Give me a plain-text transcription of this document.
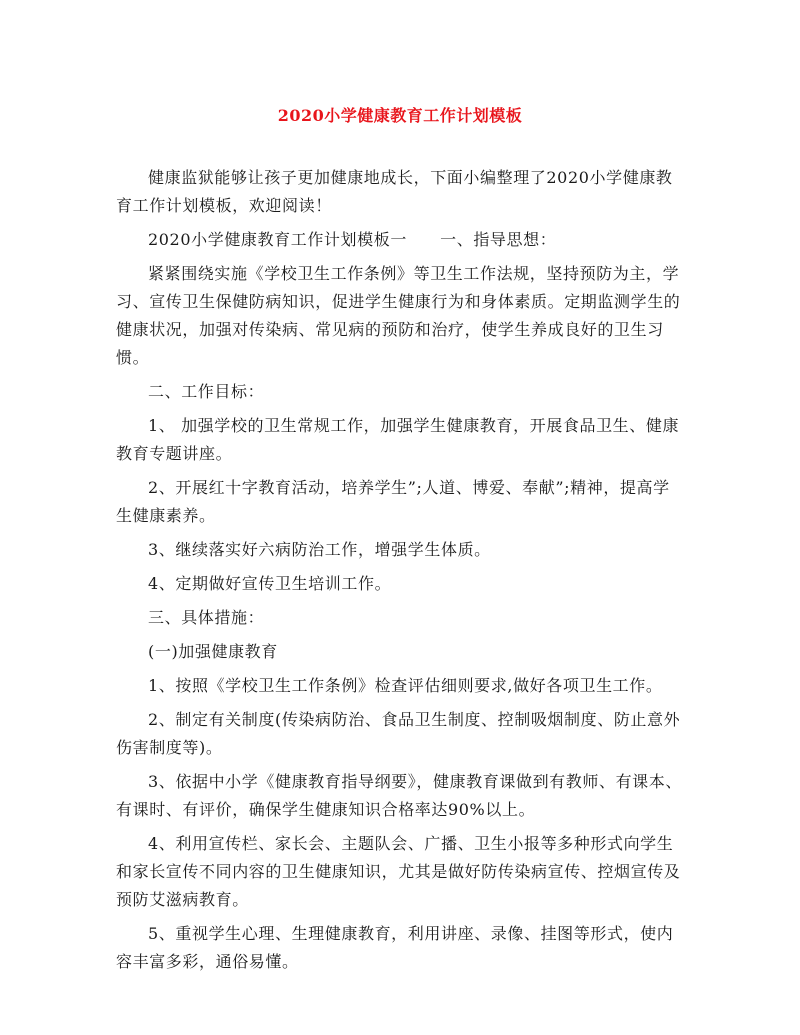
2020小学健康教育工作计划模板

健康监狱能够让孩子更加健康地成长，下面小编整理了2020小学健康教育工作计划模板，欢迎阅读！

2020小学健康教育工作计划模板一　　一、指导思想：

紧紧围绕实施《学校卫生工作条例》等卫生工作法规，坚持预防为主，学习、宣传卫生保健防病知识，促进学生健康行为和身体素质。定期监测学生的健康状况，加强对传染病、常见病的预防和治疗，使学生养成良好的卫生习惯。

二、工作目标：

1、 加强学校的卫生常规工作，加强学生健康教育，开展食品卫生、健康教育专题讲座。

2、开展红十字教育活动，培养学生”;人道、博爱、奉献”;精神，提高学生健康素养。

3、继续落实好六病防治工作，增强学生体质。

4、定期做好宣传卫生培训工作。

三、具体措施：

(一)加强健康教育

1、按照《学校卫生工作条例》检查评估细则要求,做好各项卫生工作。

2、制定有关制度(传染病防治、食品卫生制度、控制吸烟制度、防止意外伤害制度等)。

3、依据中小学《健康教育指导纲要》，健康教育课做到有教师、有课本、有课时、有评价，确保学生健康知识合格率达90%以上。

4、利用宣传栏、家长会、主题队会、广播、卫生小报等多种形式向学生和家长宣传不同内容的卫生健康知识，尤其是做好防传染病宣传、控烟宣传及预防艾滋病教育。

5、重视学生心理、生理健康教育，利用讲座、录像、挂图等形式，使内容丰富多彩，通俗易懂。
